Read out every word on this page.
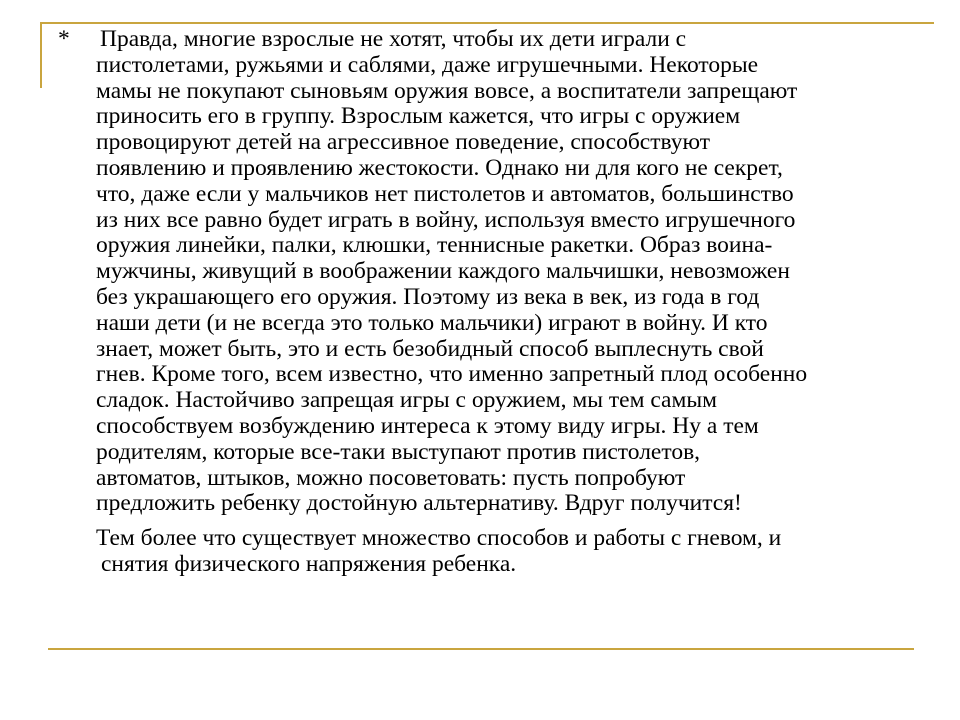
*	Правда, многие взрослые не хотят, чтобы их дети играли с
пистолетами, ружьями и саблями, даже игрушечными. Некоторые
мамы не покупают сыновьям оружия вовсе, а воспитатели запрещают
приносить его в группу. Взрослым кажется, что игры с оружием
провоцируют детей на агрессивное поведение, способствуют
появлению и проявлению жестокости. Однако ни для кого не секрет,
что, даже если у мальчиков нет пистолетов и автоматов, большинство
из них все равно будет играть в войну, используя вместо игрушечного
оружия линейки, палки, клюшки, теннисные ракетки. Образ воина-
мужчины, живущий в воображении каждого мальчишки, невозможен
без украшающего его оружия. Поэтому из века в век, из года в год
наши дети (и не всегда это только мальчики) играют в войну. И кто
знает, может быть, это и есть безобидный способ выплеснуть свой
гнев. Кроме того, всем известно, что именно запретный плод особенно
сладок. Настойчиво запрещая игры с оружием, мы тем самым
способствуем возбуждению интереса к этому виду игры. Ну а тем
родителям, которые все-таки выступают против пистолетов,
автоматов, штыков, можно посоветовать: пусть попробуют
предложить ребенку достойную альтернативу. Вдруг получится!
Тем более что существует множество способов и работы с гневом, и
снятия физического напряжения ребенка.
